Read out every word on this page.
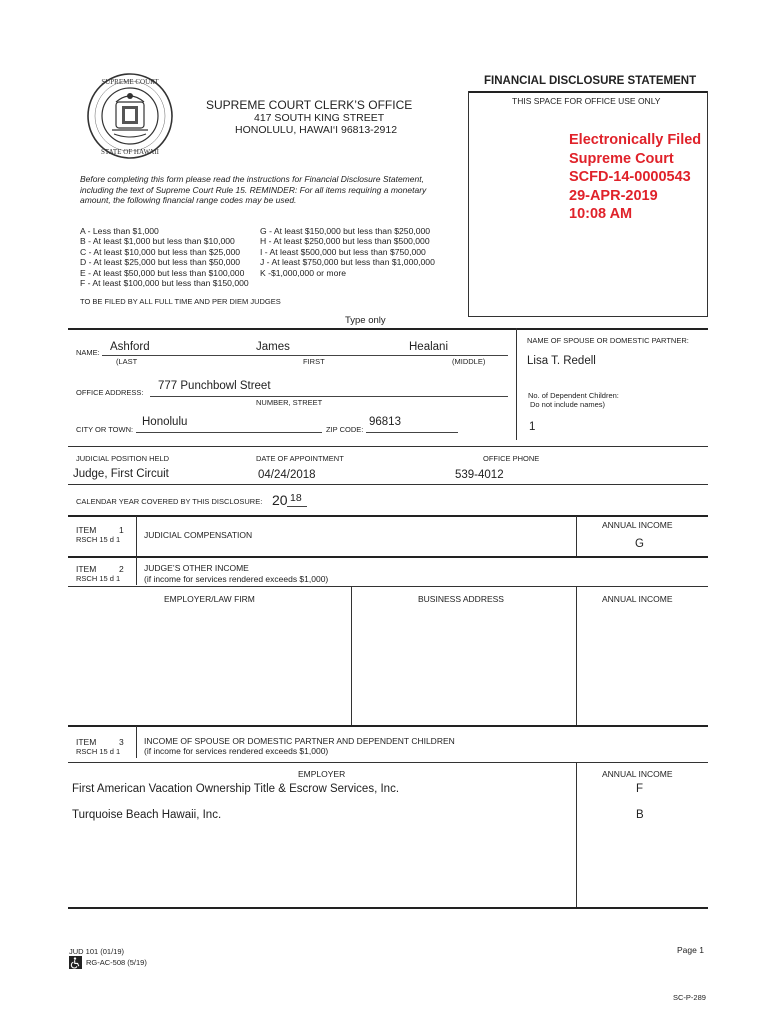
SUPREME COURT
STATE OF HAWAII
FINANCIAL DISCLOSURE STATEMENT
THIS SPACE FOR OFFICE USE ONLY
SUPREME COURT CLERK’S OFFICE
417 SOUTH KING STREET
HONOLULU, HAWAI‘I 96813-2912
Electronically Filed
Supreme Court
SCFD-14-0000543
29-APR-2019
10:08 AM
Before completing this form please read the instructions for Financial Disclosure Statement,
including the text of Supreme Court Rule 15. REMINDER: For all items requiring a monetary
amount, the following financial range codes may be used.
A - Less than $1,000
B - At least $1,000 but less than $10,000
C - At least $10,000 but less than $25,000
D - At least $25,000 but less than $50,000
E - At least $50,000 but less than $100,000
F - At least $100,000 but less than $150,000
G - At least $150,000 but less than $250,000
H - At least $250,000 but less than $500,000
I - At least $500,000 but less than $750,000
J - At least $750,000 but less than $1,000,000
K -$1,000,000 or more
TO BE FILED BY ALL FULL TIME AND PER DIEM JUDGES
Type only
NAME: Ashford	James	Healani
(LAST	FIRST	(MIDDLE)
NAME OF SPOUSE OR DOMESTIC PARTNER:
Lisa T. Redell
OFFICE ADDRESS:
777 Punchbowl Street
NUMBER, STREET
No. of Dependent Children:
Do not include names)
1
CITY OR TOWN:
Honolulu
ZIP CODE:
96813
JUDICIAL POSITION HELD	DATE OF APPOINTMENT	OFFICE PHONE
Judge, First Circuit	04/24/2018	539-4012
CALENDAR YEAR COVERED BY THIS DISCLOSURE: 20 18
ITEM	1
RSCH 15 d 1	JUDICIAL COMPENSATION
ANNUAL INCOME
G
ITEM	2
RSCH 15 d 1
JUDGE’S OTHER INCOME
(if income for services rendered exceeds $1,000)
EMPLOYER/LAW FIRM	BUSINESS ADDRESS	ANNUAL INCOME
ITEM	3
RSCH 15 d 1
INCOME OF SPOUSE OR DOMESTIC PARTNER AND DEPENDENT CHILDREN
(if income for services rendered exceeds $1,000)
EMPLOYER	ANNUAL INCOME
First American Vacation Ownership Title & Escrow Services, Inc.	F
Turquoise Beach Hawaii, Inc.	B
JUD 101 (01/19)
RG-AC-508 (5/19)
Page 1
SC-P-289
